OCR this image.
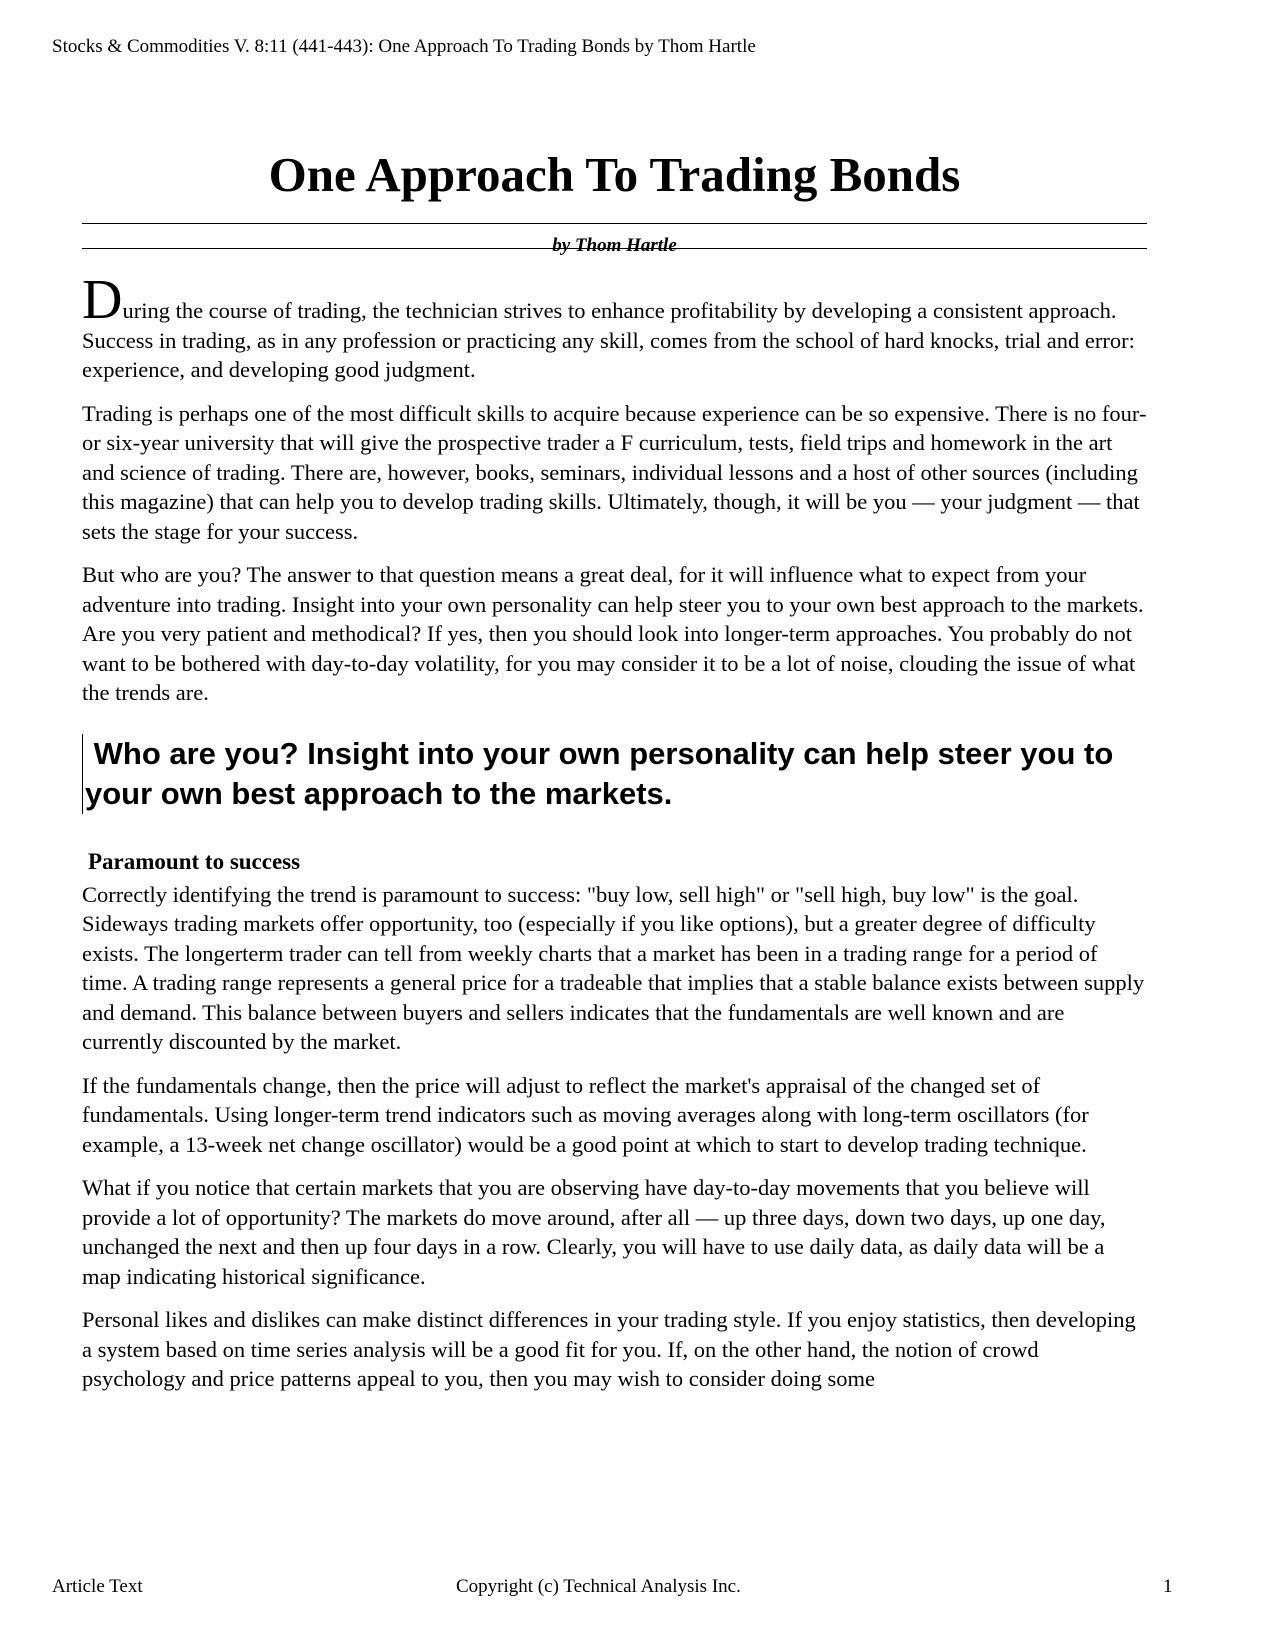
Stocks & Commodities V. 8:11 (441-443): One Approach To Trading Bonds by Thom Hartle
One Approach To Trading Bonds
by Thom Hartle

During the course of trading, the technician strives to enhance profitability by developing a consistent approach. Success in trading, as in any profession or practicing any skill, comes from the school of hard knocks, trial and error: experience, and developing good judgment.

Trading is perhaps one of the most difficult skills to acquire because experience can be so expensive. There is no four- or six-year university that will give the prospective trader a F curriculum, tests, field trips and homework in the art and science of trading. There are, however, books, seminars, individual lessons and a host of other sources (including this magazine) that can help you to develop trading skills. Ultimately, though, it will be you — your judgment — that sets the stage for your success.

But who are you? The answer to that question means a great deal, for it will influence what to expect from your adventure into trading. Insight into your own personality can help steer you to your own best approach to the markets. Are you very patient and methodical? If yes, then you should look into longer-term approaches. You probably do not want to be bothered with day-to-day volatility, for you may consider it to be a lot of noise, clouding the issue of what the trends are.

Who are you? Insight into your own personality can help steer you to your own best approach to the markets.
Paramount to success

Correctly identifying the trend is paramount to success: "buy low, sell high" or "sell high, buy low" is the goal. Sideways trading markets offer opportunity, too (especially if you like options), but a greater degree of difficulty exists. The longerterm trader can tell from weekly charts that a market has been in a trading range for a period of time. A trading range represents a general price for a tradeable that implies that a stable balance exists between supply and demand. This balance between buyers and sellers indicates that the fundamentals are well known and are currently discounted by the market.

If the fundamentals change, then the price will adjust to reflect the market's appraisal of the changed set of fundamentals. Using longer-term trend indicators such as moving averages along with long-term oscillators (for example, a 13-week net change oscillator) would be a good point at which to start to develop trading technique.

What if you notice that certain markets that you are observing have day-to-day movements that you believe will provide a lot of opportunity? The markets do move around, after all — up three days, down two days, up one day, unchanged the next and then up four days in a row. Clearly, you will have to use daily data, as daily data will be a map indicating historical significance.

Personal likes and dislikes can make distinct differences in your trading style. If you enjoy statistics, then developing a system based on time series analysis will be a good fit for you. If, on the other hand, the notion of crowd psychology and price patterns appeal to you, then you may wish to consider doing some

Article Text	Copyright (c) Technical Analysis Inc.	1
